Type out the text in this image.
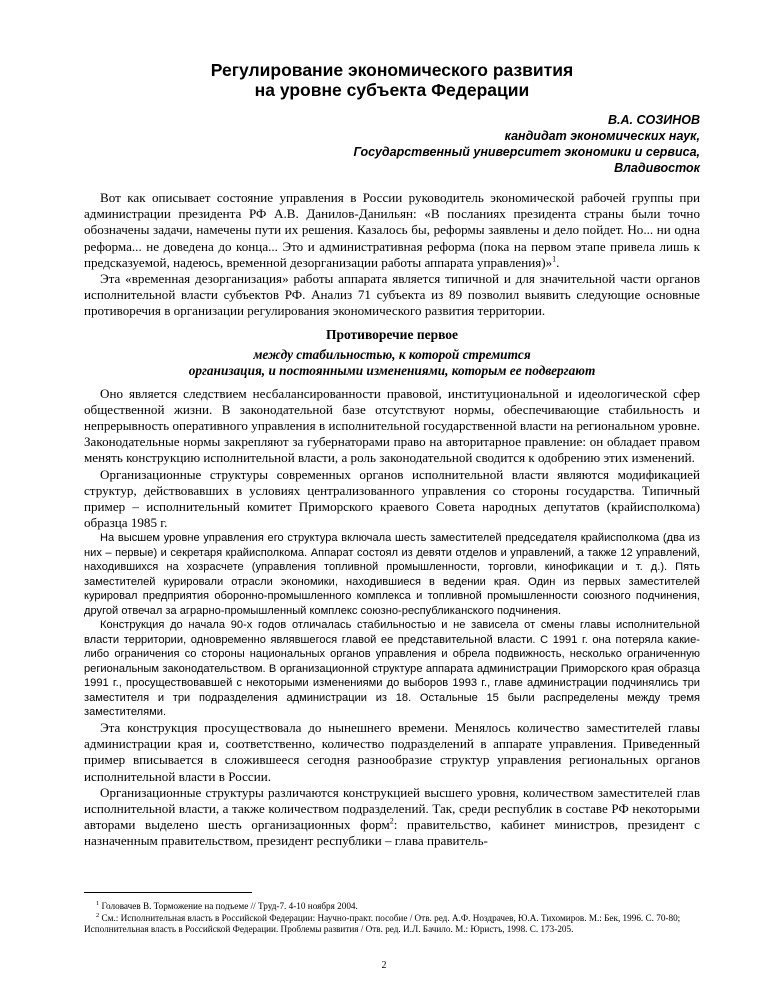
Регулирование экономического развития
на уровне субъекта Федерации
В.А. СОЗИНОВ
кандидат экономических наук,
Государственный университет экономики и сервиса,
Владивосток

Вот как описывает состояние управления в России руководитель экономической рабочей группы при администрации президента РФ А.В. Данилов-Данильян: «В посланиях президента страны были точно обозначены задачи, намечены пути их решения. Казалось бы, реформы заявлены и дело пойдет. Но... ни одна реформа... не доведена до конца... Это и административная реформа (пока на первом этапе привела лишь к предсказуемой, надеюсь, временной дезорганизации работы аппарата управления)»$^1$.

Эта «временная дезорганизация» работы аппарата является типичной и для значительной части органов исполнительной власти субъектов РФ. Анализ 71 субъекта из 89 позволил выявить следующие основные противоречия в организации регулирования экономического развития территории.

Противоречие первое
между стабильностью, к которой стремится
организация, и постоянными изменениями, которым ее подвергают

Оно является следствием несбалансированности правовой, институциональной и идеологической сфер общественной жизни. В законодательной базе отсутствуют нормы, обеспечивающие стабильность и непрерывность оперативного управления в исполнительной государственной власти на региональном уровне. Законодательные нормы закрепляют за губернаторами право на авторитарное правление: он обладает правом менять конструкцию исполнительной власти, а роль законодательной сводится к одобрению этих изменений.

Организационные структуры современных органов исполнительной власти являются модификацией структур, действовавших в условиях централизованного управления со стороны государства. Типичный пример – исполнительный комитет Приморского краевого Совета народных депутатов (крайисполкома) образца 1985 г.

На высшем уровне управления его структура включала шесть заместителей председателя крайисполкома (два из них – первые) и секретаря крайисполкома. Аппарат состоял из девяти отделов и управлений, а также 12 управлений, находившихся на хозрасчете (управления топливной промышленности, торговли, кинофикации и т. д.). Пять заместителей курировали отрасли экономики, находившиеся в ведении края. Один из первых заместителей курировал предприятия оборонно-промышленного комплекса и топливной промышленности союзного подчинения, другой отвечал за аграрно-промышленный комплекс союзно-республиканского подчинения.

Конструкция до начала 90-х годов отличалась стабильностью и не зависела от смены главы исполнительной власти территории, одновременно являвшегося главой ее представительной власти. С 1991 г. она потеряла какие-либо ограничения со стороны национальных органов управления и обрела подвижность, несколько ограниченную региональным законодательством. В организационной структуре аппарата администрации Приморского края образца 1991 г., просуществовавшей с некоторыми изменениями до выборов 1993 г., главе администрации подчинялись три заместителя и три подразделения администрации из 18. Остальные 15 были распределены между тремя заместителями.

Эта конструкция просуществовала до нынешнего времени. Менялось количество заместителей главы администрации края и, соответственно, количество подразделений в аппарате управления. Приведенный пример вписывается в сложившееся сегодня разнообразие структур управления региональных органов исполнительной власти в России.

Организационные структуры различаются конструкцией высшего уровня, количеством заместителей глав исполнительной власти, а также количеством подразделений. Так, среди республик в составе РФ некоторыми авторами выделено шесть организационных форм$^2$: правительство, кабинет министров, президент с назначенным правительством, президент республики – глава правитель-

$^1$ Головачев В. Торможение на подъеме // Труд-7. 4-10 ноября 2004.

$^2$ См.: Исполнительная власть в Российской Федерации: Научно-практ. пособие / Отв. ред. А.Ф. Ноздрачев, Ю.А. Тихомиров. М.: Бек, 1996. С. 70-80; Исполнительная власть в Российской Федерации. Проблемы развития / Отв. ред. И.Л. Бачило. М.: Юристъ, 1998. С. 173-205.

2
